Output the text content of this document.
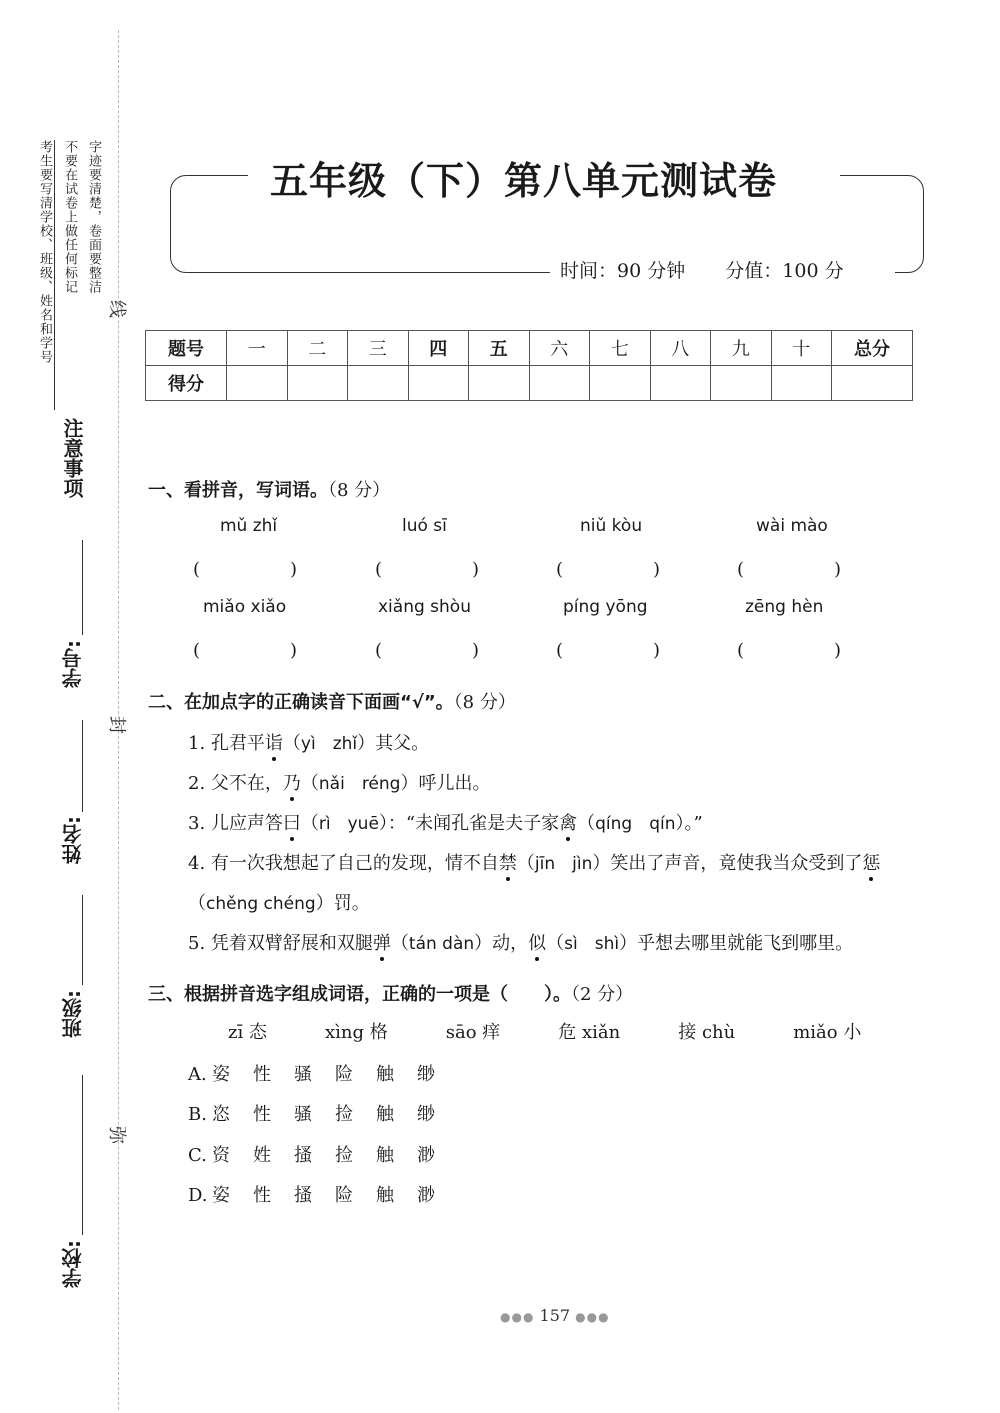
考生要写清学校、班级、姓名和学号 不要在试卷上做任何标记 字迹要清楚，卷面要整洁
注意事项
学号:
姓名:
班级:
学校:
线
封
弥
五年级（下）第八单元测试卷
时间：90 分钟 分值：100 分
题号	一	二	三	四	五	六	七	八	九	十	总分
得分											
一、看拼音，写词语。（8 分）
mǔ zhǐ	luó sī	niǔ kòu	wài mào
(　　　　　)	(　　　　　)	(　　　　　)	(　　　　　)
miǎo xiǎo	xiǎng shòu	píng yōng	zēng hèn
(　　　　　)	(　　　　　)	(　　　　　)	(　　　　　)
二、在加点字的正确读音下面画“√”。（8 分）
1. 孔君平诣（yì　zhǐ）其父。
2. 父不在，乃（nǎi　réng）呼儿出。
3. 儿应声答曰（rì　yuē）：“未闻孔雀是夫子家禽（qíng　qín）。”
4. 有一次我想起了自己的发现，情不自禁（jīn　jìn）笑出了声音，竟使我当众受到了惩
（chěng chéng）罚。
5. 凭着双臂舒展和双腿弹（tán dàn）动，似（sì　shì）乎想去哪里就能飞到哪里。
三、根据拼音选字组成词语，正确的一项是（　　）。（2 分）
zī 态	xìng 格	sāo 痒	危 xiǎn	接 chù	miǎo 小
A. 姿 性 骚 险 触 缈
B. 恣 性 骚 捡 触 缈
C. 资 姓 搔 捡 触 渺
D. 姿 性 搔 险 触 渺
●●● 157 ●●●
